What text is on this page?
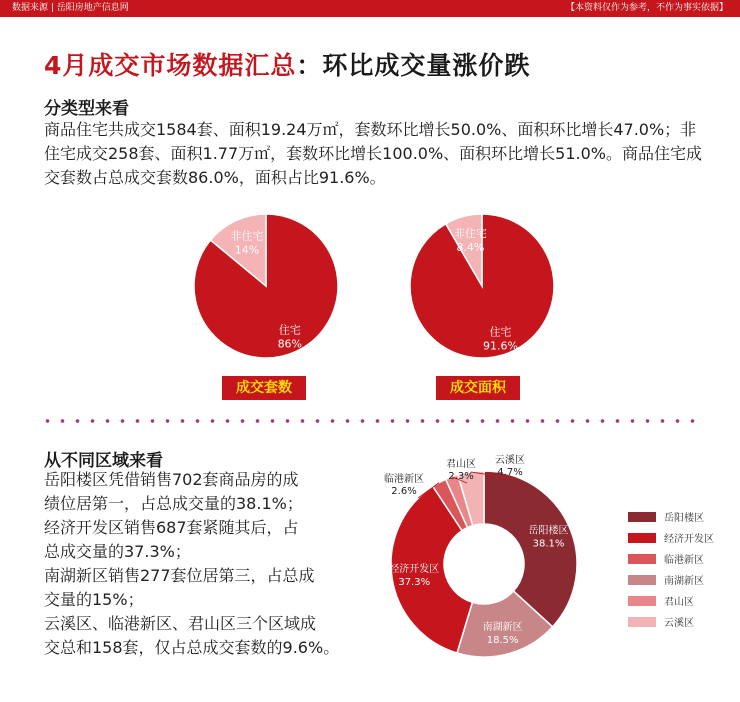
数据来源 | 岳阳房地产信息网	【本资料仅作为参考，不作为事实依据】
4月成交市场数据汇总：环比成交量涨价跌
分类型来看
商品住宅共成交1584套、面积19.24万㎡，套数环比增长50.0%、面积环比增长47.0%；非住宅成交258套、面积1.77万㎡，套数环比增长100.0%、面积环比增长51.0%。商品住宅成交套数占总成交套数86.0%，面积占比91.6%。
住宅
86%
非住宅
14%
住宅
91.6%
非住宅
8.4%
成交套数	成交面积
从不同区域来看
岳阳楼区凭借销售702套商品房的成
绩位居第一，占总成交量的38.1%；
经济开发区销售687套紧随其后，占
总成交量的37.3%；
南湖新区销售277套位居第三，占总成
交量的15%；
云溪区、临港新区、君山区三个区域成
交总和158套，仅占总成交套数的9.6%。
岳阳楼区
38.1%
南湖新区
18.5%
经济开发区
37.3%
临港新区
2.6%
君山区
2.3%
云溪区
4.7%
岳阳楼区
经济开发区
临港新区
南湖新区
君山区
云溪区
